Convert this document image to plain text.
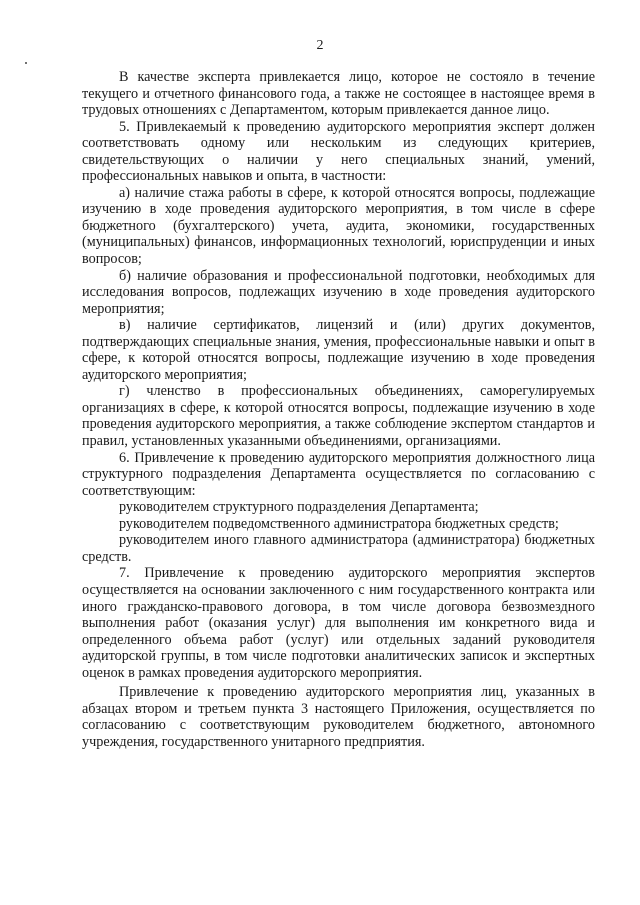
2

В качестве эксперта привлекается лицо, которое не состояло в течение текущего и отчетного финансового года, а также не состоящее в настоящее время в трудовых отношениях с Департаментом, которым привлекается данное лицо.

5. Привлекаемый к проведению аудиторского мероприятия эксперт должен соответствовать одному или нескольким из следующих критериев, свидетельствующих о наличии у него специальных знаний, умений, профессиональных навыков и опыта, в частности:

а) наличие стажа работы в сфере, к которой относятся вопросы, подлежащие изучению в ходе проведения аудиторского мероприятия, в том числе в сфере бюджетного (бухгалтерского) учета, аудита, экономики, государственных (муниципальных) финансов, информационных технологий, юриспруденции и иных вопросов;

б) наличие образования и профессиональной подготовки, необходимых для исследования вопросов, подлежащих изучению в ходе проведения аудиторского мероприятия;

в) наличие сертификатов, лицензий и (или) других документов, подтверждающих специальные знания, умения, профессиональные навыки и опыт в сфере, к которой относятся вопросы, подлежащие изучению в ходе проведения аудиторского мероприятия;

г) членство в профессиональных объединениях, саморегулируемых организациях в сфере, к которой относятся вопросы, подлежащие изучению в ходе проведения аудиторского мероприятия, а также соблюдение экспертом стандартов и правил, установленных указанными объединениями, организациями.

6. Привлечение к проведению аудиторского мероприятия должностного лица структурного подразделения Департамента осуществляется по согласованию с соответствующим:

руководителем структурного подразделения Департамента;

руководителем подведомственного администратора бюджетных средств;

руководителем иного главного администратора (администратора) бюджетных средств.

7. Привлечение к проведению аудиторского мероприятия экспертов осуществляется на основании заключенного с ним государственного контракта или иного гражданско-правового договора, в том числе договора безвозмездного выполнения работ (оказания услуг) для выполнения им конкретного вида и определенного объема работ (услуг) или отдельных заданий руководителя аудиторской группы, в том числе подготовки аналитических записок и экспертных оценок в рамках проведения аудиторского мероприятия.

Привлечение к проведению аудиторского мероприятия лиц, указанных в абзацах втором и третьем пункта 3 настоящего Приложения, осуществляется по согласованию с соответствующим руководителем бюджетного, автономного учреждения, государственного унитарного предприятия.
